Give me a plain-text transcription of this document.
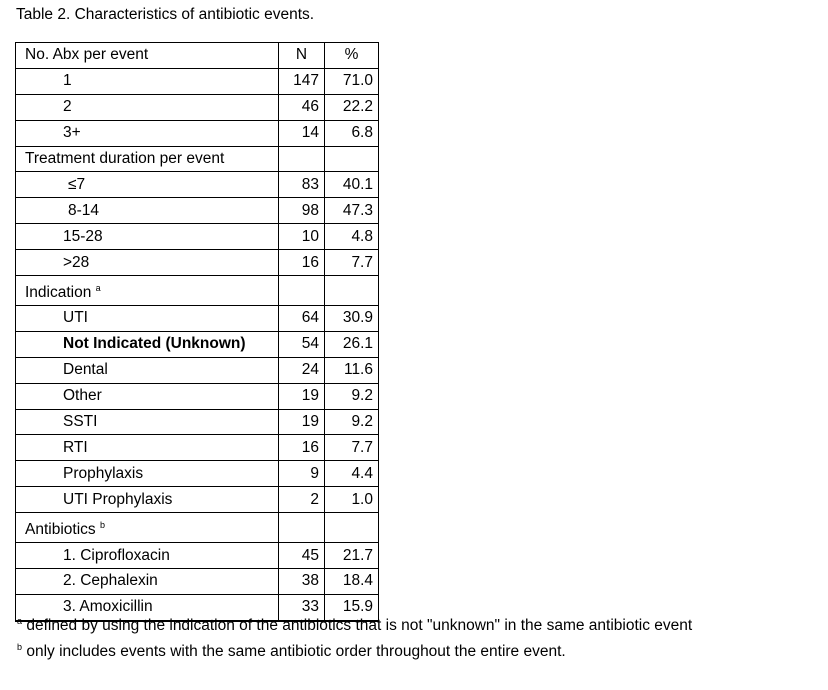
Table 2. Characteristics of antibiotic events.
No. Abx per event	N	%
1	147	71.0
2	46	22.2
3+	14	6.8
Treatment duration per event		
≤7	83	40.1
8-14	98	47.3
15-28	10	4.8
>28	16	7.7
Indication $^a$		
UTI	64	30.9
Not Indicated (Unknown)	54	26.1
Dental	24	11.6
Other	19	9.2
SSTI	19	9.2
RTI	16	7.7
Prophylaxis	9	4.4
UTI Prophylaxis	2	1.0
Antibiotics $^b$		
1. Ciprofloxacin	45	21.7
2. Cephalexin	38	18.4
3. Amoxicillin	33	15.9
$^a$ defined by using the indication of the antibiotics that is not "unknown" in the same antibiotic event
$^b$ only includes events with the same antibiotic order throughout the entire event.
